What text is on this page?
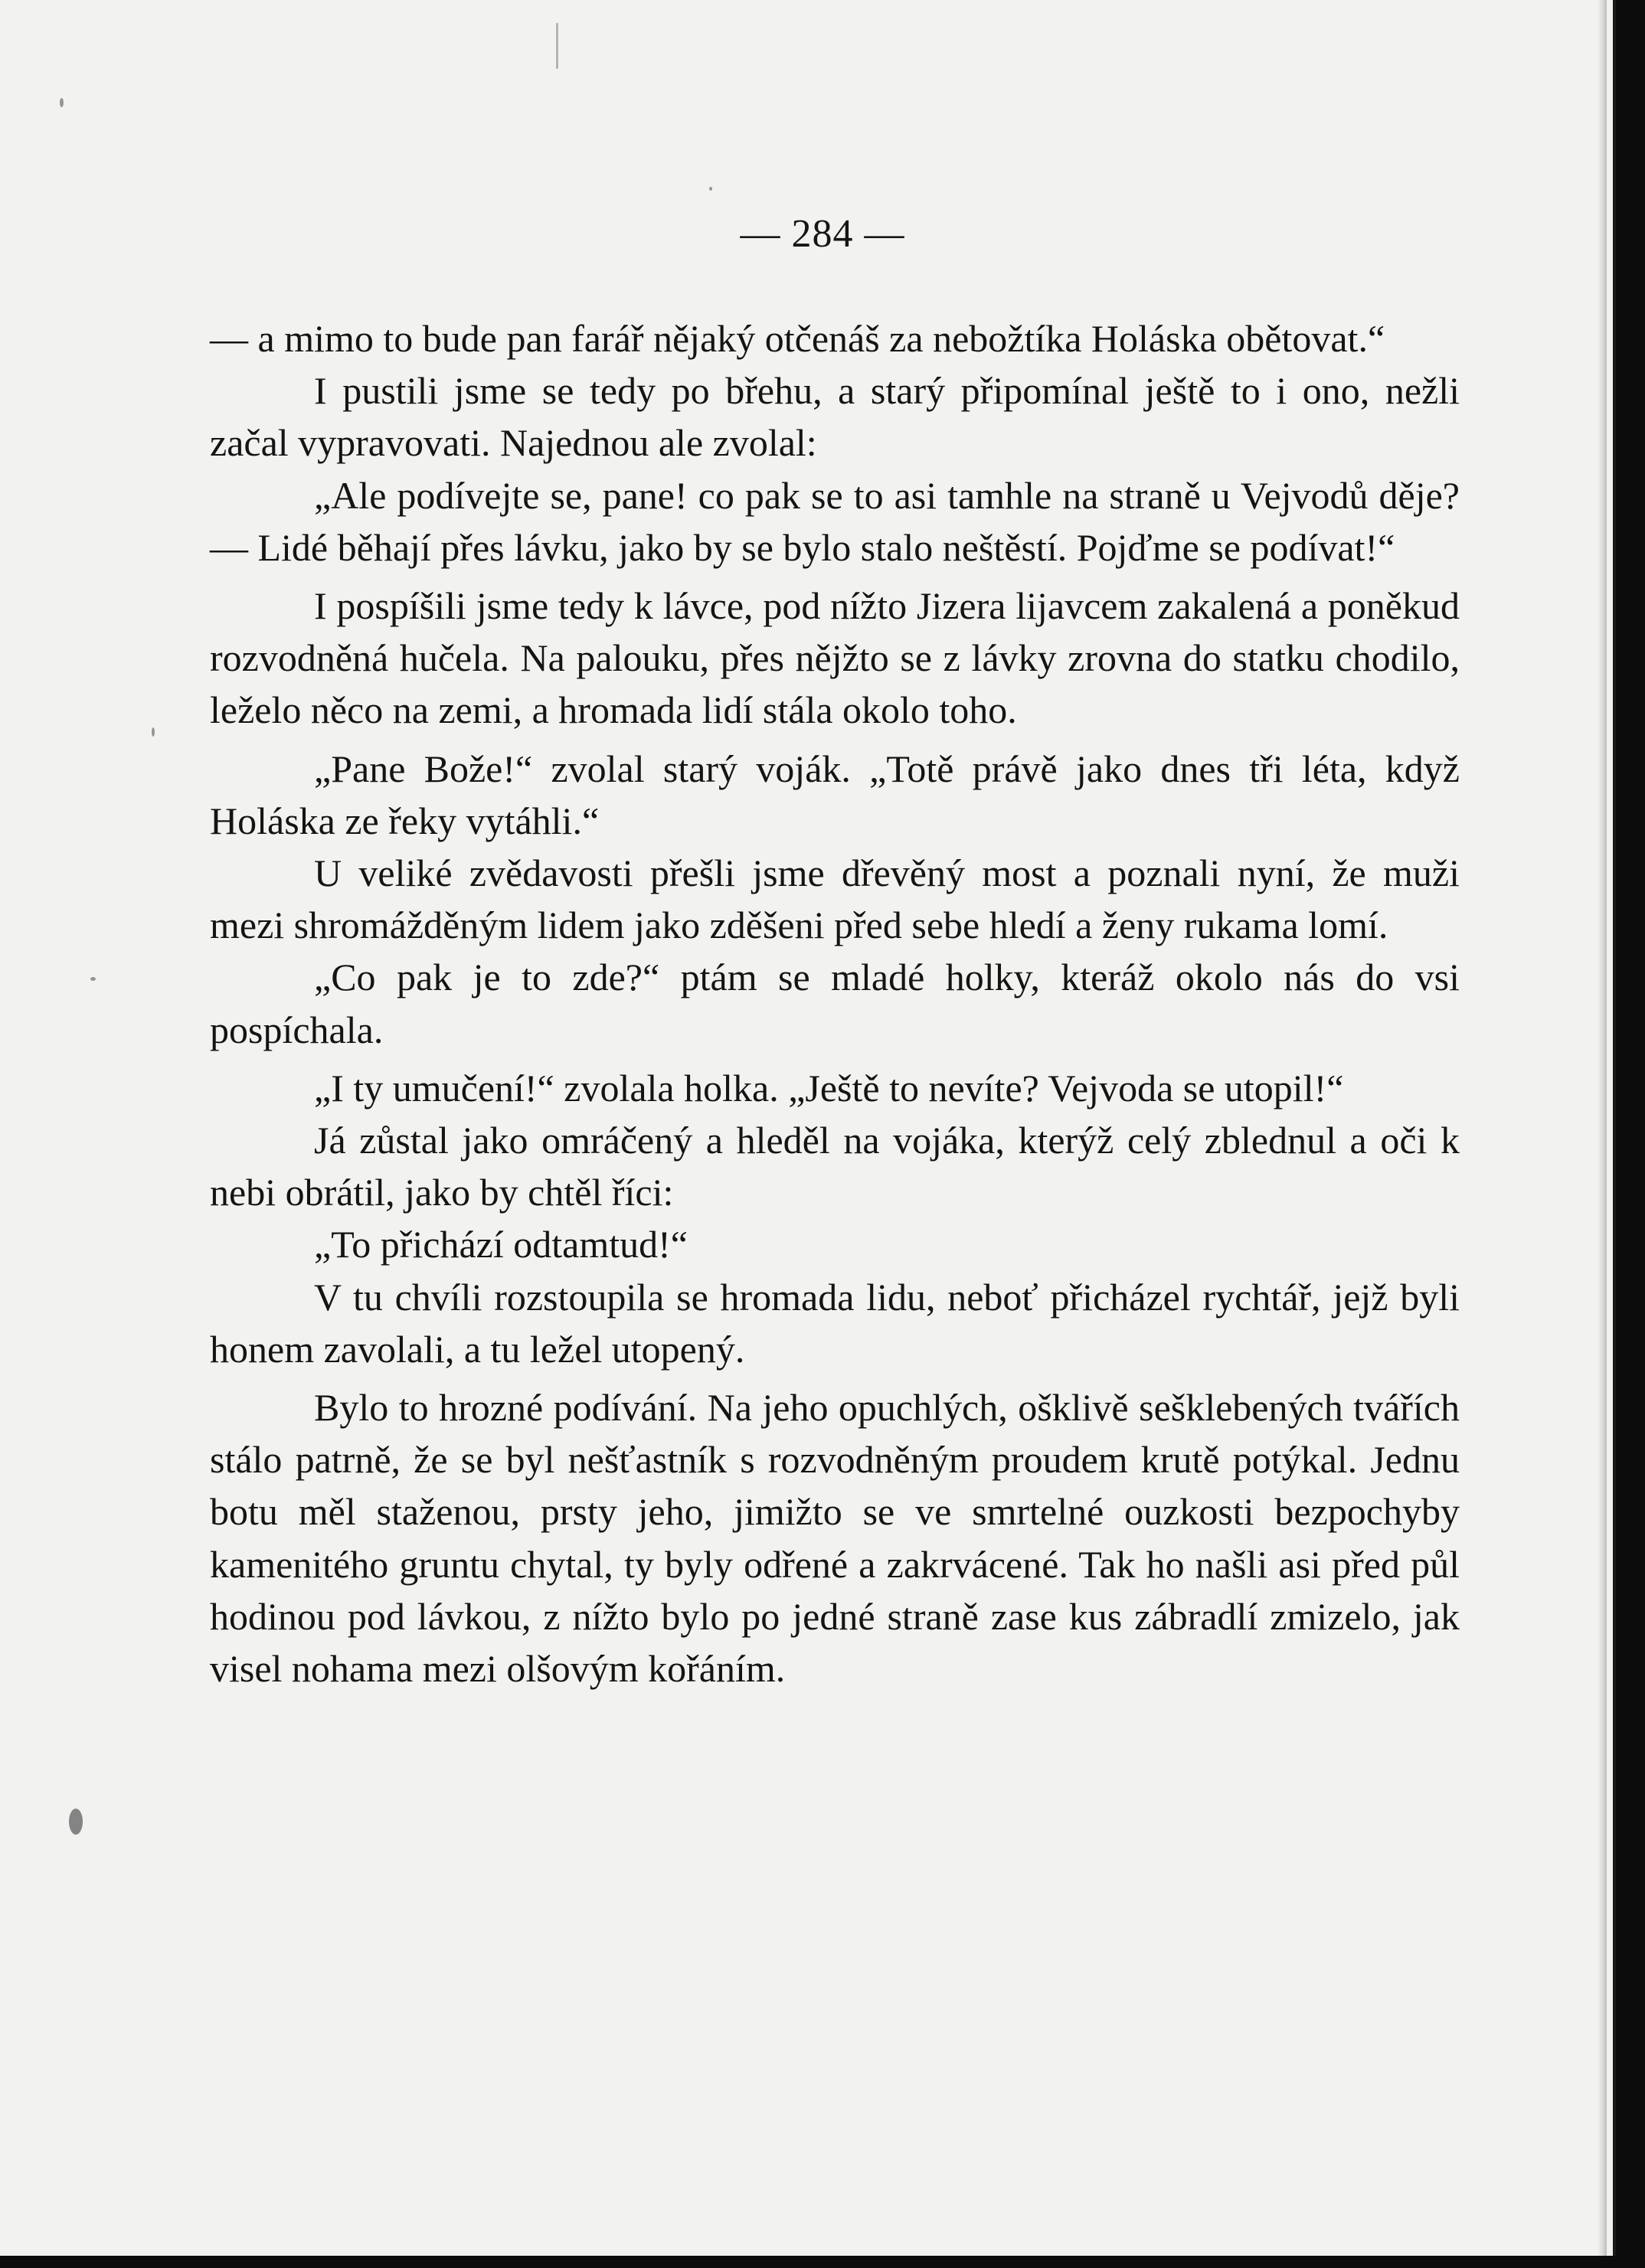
— 284 —

— a mimo to bude pan farář nějaký otčenáš za nebožtíka Holáska obětovat.“

I pustili jsme se tedy po břehu, a starý připomínal ještě to i ono, nežli začal vypravovati. Najednou ale zvolal:

„Ale podívejte se, pane! co pak se to asi tamhle na straně u Vejvodů děje? — Lidé běhají přes lávku, jako by se bylo stalo neštěstí. Pojďme se podívat!“

I pospíšili jsme tedy k lávce, pod nížto Jizera lijavcem zakalená a poněkud rozvodněná hučela. Na palouku, přes nějžto se z lávky zrovna do statku chodilo, leželo něco na zemi, a hromada lidí stála okolo toho.

„Pane Bože!“ zvolal starý voják. „Totě právě jako dnes tři léta, když Holáska ze řeky vytáhli.“

U veliké zvědavosti přešli jsme dřevěný most a poznali nyní, že muži mezi shromážděným lidem jako zděšeni před sebe hledí a ženy rukama lomí.

„Co pak je to zde?“ ptám se mladé holky, kteráž okolo nás do vsi pospíchala.

„I ty umučení!“ zvolala holka. „Ještě to nevíte? Vejvoda se utopil!“

Já zůstal jako omráčený a hleděl na vojáka, kterýž celý zblednul a oči k nebi obrátil, jako by chtěl říci:

„To přichází odtamtud!“

V tu chvíli rozstoupila se hromada lidu, neboť přicházel rychtář, jejž byli honem zavolali, a tu ležel utopený.

Bylo to hrozné podívání. Na jeho opuchlých, ošklivě sešklebených tvářích stálo patrně, že se byl nešťastník s rozvodněným proudem krutě potýkal. Jednu botu měl staženou, prsty jeho, jimižto se ve smrtelné ouzkosti bezpochyby kamenitého gruntu chytal, ty byly odřené a zakrvácené. Tak ho našli asi před půl hodinou pod lávkou, z nížto bylo po jedné straně zase kus zábradlí zmizelo, jak visel nohama mezi olšovým kořáním.
